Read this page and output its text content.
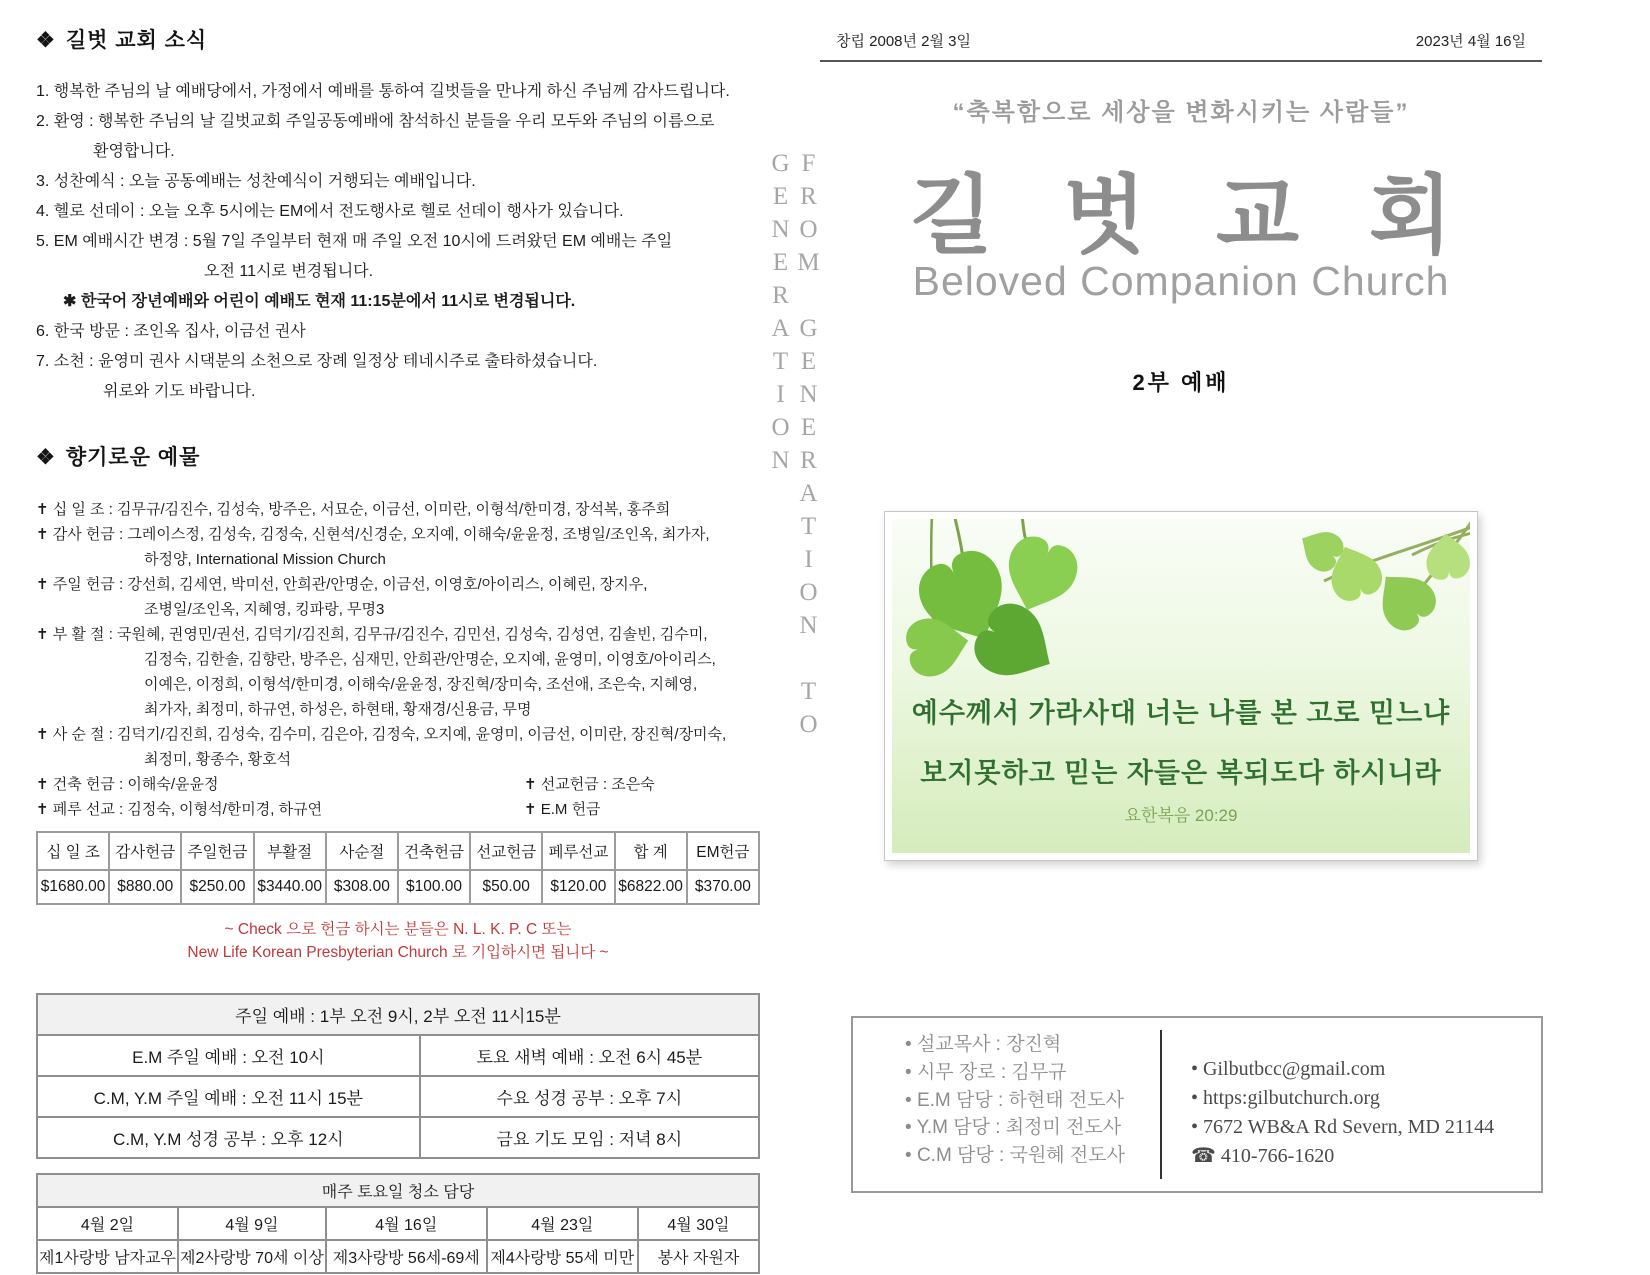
❖ 길벗 교회 소식
1. 행복한 주님의 날 예배당에서, 가정에서 예배를 통하여 길벗들을 만나게 하신 주님께 감사드립니다.
2. 환영 : 행복한 주님의 날 길벗교회 주일공동예배에 참석하신 분들을 우리 모두와 주님의 이름으로
환영합니다.
3. 성찬예식 : 오늘 공동예배는 성찬예식이 거행되는 예배입니다.
4. 헬로 선데이 : 오늘 오후 5시에는 EM에서 전도행사로 헬로 선데이 행사가 있습니다.
5. EM 예배시간 변경 : 5월 7일 주일부터 현재 매 주일 오전 10시에 드려왔던 EM 예배는 주일
오전 11시로 변경됩니다.
✱ 한국어 장년예배와 어린이 예배도 현재 11:15분에서 11시로 변경됩니다.
6. 한국 방문 : 조인옥 집사, 이금선 권사
7. 소천 : 윤영미 권사 시댁분의 소천으로 장례 일정상 테네시주로 출타하셨습니다.
위로와 기도 바랍니다.
❖ 향기로운 예물
✝ 십 일 조 : 김무규/김진수, 김성숙, 방주은, 서묘순, 이금선, 이미란, 이형석/한미경, 장석복, 홍주희
✝ 감사 헌금 : 그레이스정, 김성숙, 김정숙, 신현석/신경순, 오지예, 이해숙/윤윤정, 조병일/조인옥, 최가자,
하정양, International Mission Church
✝ 주일 헌금 : 강선희, 김세연, 박미선, 안희관/안명순, 이금선, 이영호/아이리스, 이혜린, 장지우,
조병일/조인옥, 지혜영, 킹파랑, 무명3
✝ 부 활 절 : 국원혜, 권영민/권선, 김덕기/김진희, 김무규/김진수, 김민선, 김성숙, 김성연, 김솔빈, 김수미,
김정숙, 김한솔, 김향란, 방주은, 심재민, 안희관/안명순, 오지예, 윤영미, 이영호/아이리스,
이예은, 이정희, 이형석/한미경, 이해숙/윤윤정, 장진혁/장미숙, 조선애, 조은숙, 지혜영,
최가자, 최정미, 하규연, 하성은, 하현태, 황재경/신용금, 무명
✝ 사 순 절 : 김덕기/김진희, 김성숙, 김수미, 김은아, 김정숙, 오지예, 윤영미, 이금선, 이미란, 장진혁/장미숙,
최정미, 황종수, 황호석
✝ 건축 헌금 : 이해숙/윤윤정	✝ 선교헌금 : 조은숙
✝ 페루 선교 : 김정숙, 이형석/한미경, 하규연	✝ E.M 헌금
십 일 조	감사헌금	주일헌금	부활절	사순절	건축헌금	선교헌금	페루선교	합 계	EM헌금
$1680.00	$880.00	$250.00	$3440.00	$308.00	$100.00	$50.00	$120.00	$6822.00	$370.00
~ Check 으로 헌금 하시는 분들은 N. L. K. P. C 또는
New Life Korean Presbyterian Church 로 기입하시면 됩니다 ~
주일 예배 : 1부 오전 9시, 2부 오전 11시15분	
E.M 주일 예배 : 오전 10시	토요 새벽 예배 : 오전 6시 45분
C.M, Y.M 주일 예배 : 오전 11시 15분	수요 성경 공부 : 오후 7시
C.M, Y.M 성경 공부 : 오후 12시	금요 기도 모임 : 저녁 8시
매주 토요일 청소 담당				
4월 2일	4월 9일	4월 16일	4월 23일	4월 30일
제1사랑방 남자교우	제2사랑방 70세 이상	제3사랑방 56세-69세	제4사랑방 55세 미만	봉사 자원자
FROM GENERATION TO GENERATION
창립 2008년 2월 3일	2023년 4월 16일
“축복함으로 세상을 변화시키는 사람들”
길벗교회
Beloved Companion Church
2부 예배
예수께서 가라사대 너는 나를 본 고로 믿느냐
보지못하고 믿는 자들은 복되도다 하시니라
요한복음 20:29
• 설교목사 : 장진혁
• 시무 장로 : 김무규
• E.M 담당 : 하현태 전도사
• Y.M 담당 : 최정미 전도사
• C.M 담당 : 국원혜 전도사
• Gilbutbcc@gmail.com
• https:gilbutchurch.org
• 7672 WB&A Rd Severn, MD 21144
☎ 410-766-1620
